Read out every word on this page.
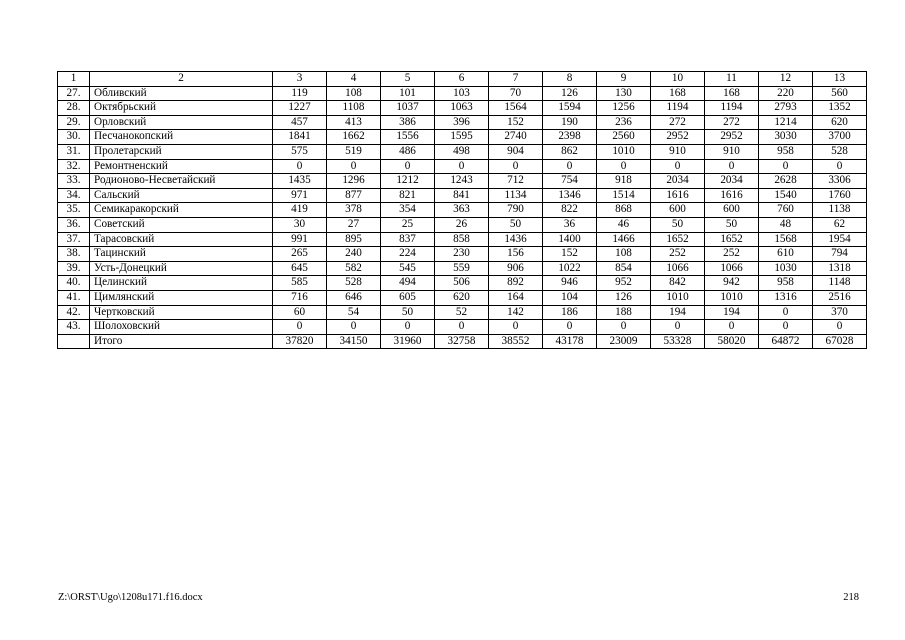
1	2	3	4	5	6	7	8	9	10	11	12	13
27.	Обливский	119	108	101	103	70	126	130	168	168	220	560
28.	Октябрьский	1227	1108	1037	1063	1564	1594	1256	1194	1194	2793	1352
29.	Орловский	457	413	386	396	152	190	236	272	272	1214	620
30.	Песчанокопский	1841	1662	1556	1595	2740	2398	2560	2952	2952	3030	3700
31.	Пролетарский	575	519	486	498	904	862	1010	910	910	958	528
32.	Ремонтненский	0	0	0	0	0	0	0	0	0	0	0
33.	Родионово-Несветайский	1435	1296	1212	1243	712	754	918	2034	2034	2628	3306
34.	Сальский	971	877	821	841	1134	1346	1514	1616	1616	1540	1760
35.	Семикаракорский	419	378	354	363	790	822	868	600	600	760	1138
36.	Советский	30	27	25	26	50	36	46	50	50	48	62
37.	Тарасовский	991	895	837	858	1436	1400	1466	1652	1652	1568	1954
38.	Тацинский	265	240	224	230	156	152	108	252	252	610	794
39.	Усть-Донецкий	645	582	545	559	906	1022	854	1066	1066	1030	1318
40.	Целинский	585	528	494	506	892	946	952	842	942	958	1148
41.	Цимлянский	716	646	605	620	164	104	126	1010	1010	1316	2516
42.	Чертковский	60	54	50	52	142	186	188	194	194	0	370
43.	Шолоховский	0	0	0	0	0	0	0	0	0	0	0
	Итого	37820	34150	31960	32758	38552	43178	23009	53328	58020	64872	67028
Z:\ORST\Ugo\1208u171.f16.docx	218
